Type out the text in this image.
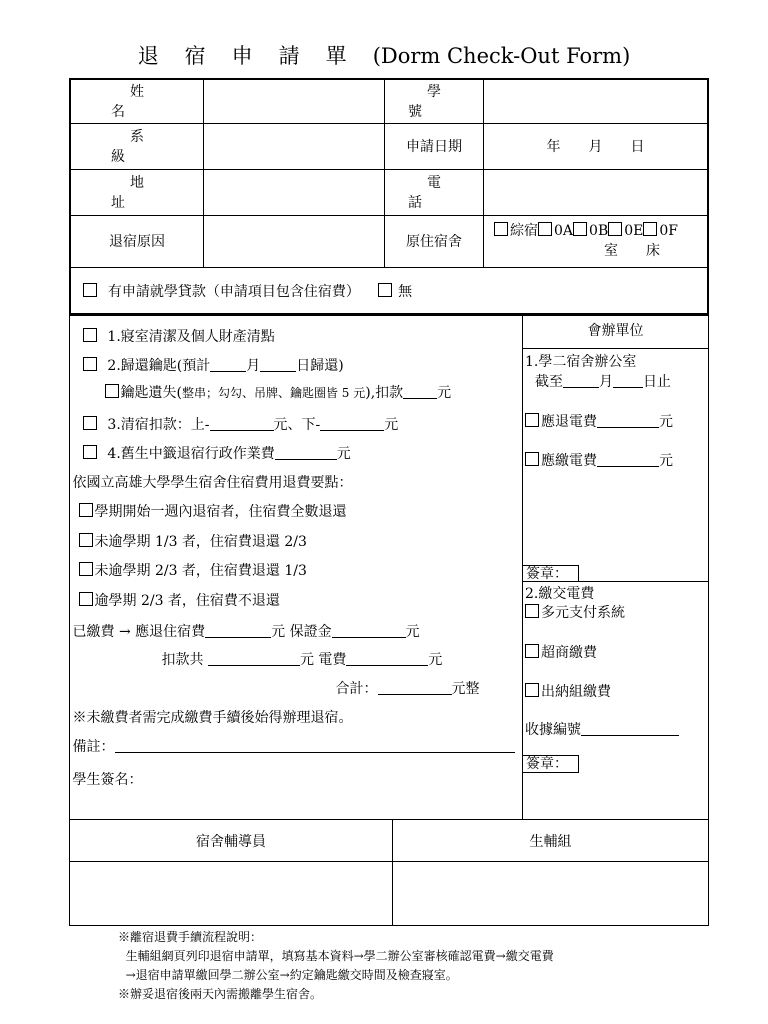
退宿申請單(Dorm Check-Out Form)
姓名		學號	
系級		申請日期	年　　月　　日
地址		電話	
退宿原因		原住宿舍	綜宿 0A 0B 0E 0F
室　　床

有申請就學貸款（申請項目包含住宿費） 無			
1.寢室清潔及個人財產清點
2.歸還鑰匙(預計	月	日歸還)
鑰匙遺失(整串；勾勾、吊牌、鑰匙圈皆 5 元),扣款 元
3.清宿扣款：上-	元、下-	元
4.舊生中籤退宿行政作業費	元
依國立高雄大學學生宿舍住宿費用退費要點：
學期開始一週內退宿者，住宿費全數退還
未逾學期 1/3 者，住宿費退還 2/3
未逾學期 2/3 者，住宿費退還 1/3
逾學期 2/3 者，住宿費不退還
已繳費 → 應退住宿費	元 保證金	元
扣款共	元 電費	元
合計：	元整
※未繳費者需完成繳費手續後始得辦理退宿。
備註：
學生簽名：

會辦單位
1.學二宿舍辦公室
截至	月 日止
應退電費	元
應繳電費	元
簽章：
2.繳交電費
多元支付系統
超商繳費
出納組繳費
收據編號
簽章：
宿舍輔導員	生輔組

※離宿退費手續流程說明：
生輔組網頁列印退宿申請單，填寫基本資料→學二辦公室審核確認電費→繳交電費
→退宿申請單繳回學二辦公室→約定鑰匙繳交時間及檢查寢室。
※辦妥退宿後兩天內需搬離學生宿舍。
